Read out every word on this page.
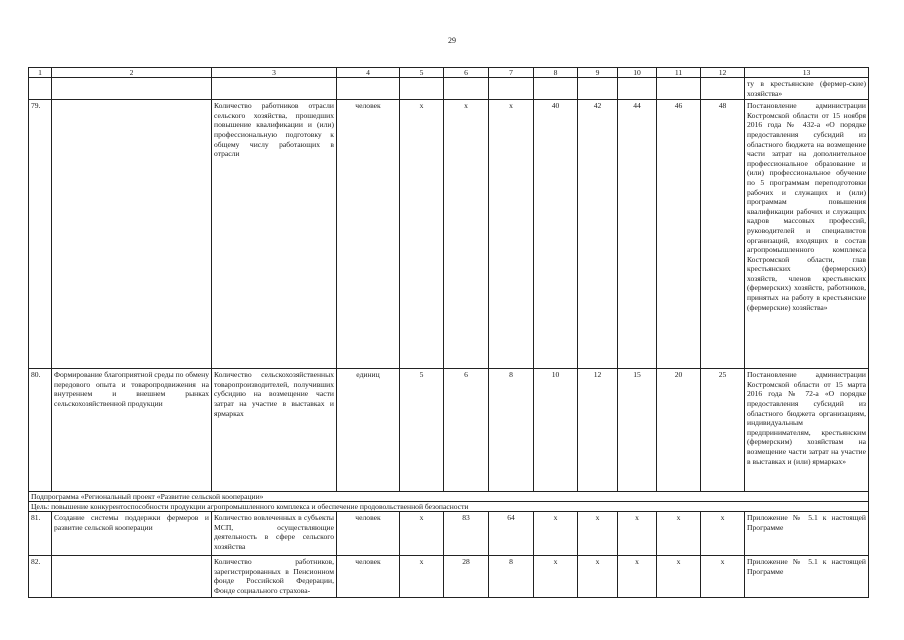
29
1	2	3	4	5	6	7	8	9	10	11	12	13
												ту в крестьянские (фермер-ские) хозяйства»
79.		Количество работников отрасли сельского хозяйства, прошедших повышение квалификации и (или) профессиональную подготовку к общему числу работающих в отрасли	человек	х	х	х	40	42	44	46	48	Постановление администрации Костромской области от 15 ноября 2016 года № 432-а «О порядке предоставления субсидий из областного бюджета на возмещение части затрат на дополнительное профессиональное образование и (или) профессиональное обучение по 5 программам переподготовки рабочих и служащих и (или) программам повышения квалификации рабочих и служащих кадров массовых профессий, руководителей и специалистов организаций, входящих в состав агропромышленного комплекса Костромской области, глав крестьянских (фермерских) хозяйств, членов крестьянских (фермерских) хозяйств, работников, принятых на работу в крестьянские (фермерские) хозяйства»
80.	Формирование благоприятной среды по обмену передового опыта и товаропродвижения на внутреннем и внешнем рынках сельскохозяйственной продукции	Количество сельскохозяйственных товаропроизводителей, получивших субсидию на возмещение части затрат на участие в выставках и ярмарках	единиц	5	6	8	10	12	15	20	25	Постановление администрации Костромской области от 15 марта 2016 года № 72-а «О порядке предоставления субсидий из областного бюджета организациям, индивидуальным предпринимателям, крестьянским (фермерским) хозяйствам на возмещение части затрат на участие в выставках и (или) ярмарках»
Подпрограмма «Региональный проект «Развитие сельской кооперации»												
Цель: повышение конкурентоспособности продукции агропромышленного комплекса и обеспечение продовольственной безопасности												
81.	Создание системы поддержки фермеров и развитие сельской кооперации	Количество вовлеченных в субъекты МСП, осуществляющие деятельность в сфере сельского хозяйства	человек	х	83	64	х	х	х	х	х	Приложение № 5.1 к настоящей Программе
82.		Количество работников, зарегистрированных в Пенсионном фонде Российской Федерации, Фонде социального страхова-	человек	х	28	8	х	х	х	х	х	Приложение № 5.1 к настоящей Программе
